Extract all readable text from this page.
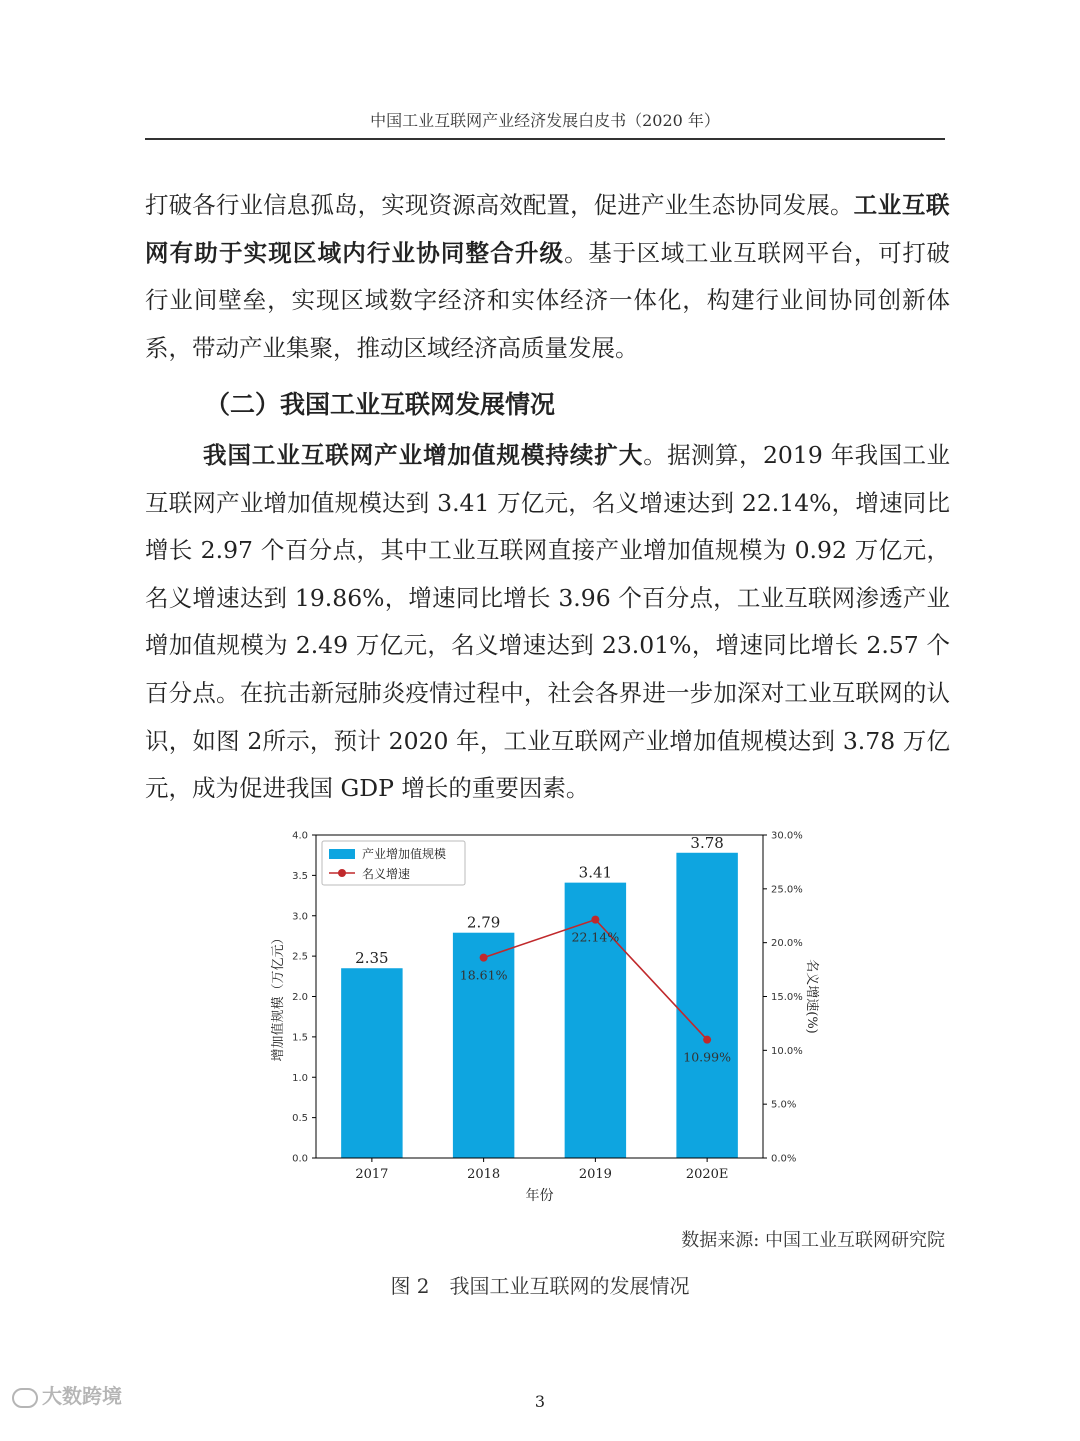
中国工业互联网产业经济发展白皮书（2020 年）

打破各行业信息孤岛，实现资源高效配置，促进产业生态协同发展。工业互联网有助于实现区域内行业协同整合升级。基于区域工业互联网平台，可打破行业间壁垒，实现区域数字经济和实体经济一体化，构建行业间协同创新体系，带动产业集聚，推动区域经济高质量发展。

（二）我国工业互联网发展情况

我国工业互联网产业增加值规模持续扩大。据测算，2019 年我国工业互联网产业增加值规模达到 3.41 万亿元，名义增速达到 22.14%，增速同比增长 2.97 个百分点，其中工业互联网直接产业增加值规模为 0.92 万亿元，名义增速达到 19.86%，增速同比增长 3.96 个百分点，工业互联网渗透产业增加值规模为 2.49 万亿元，名义增速达到 23.01%，增速同比增长 2.57 个百分点。在抗击新冠肺炎疫情过程中，社会各界进一步加深对工业互联网的认识，如图 2所示，预计 2020 年，工业互联网产业增加值规模达到 3.78 万亿元，成为促进我国 GDP 增长的重要因素。

2.35
2.79
3.41
3.78
18.61%
22.14%
10.99%
0.0
0.5
1.0
1.5
2.0
2.5
3.0
3.5
4.0
0.0%
5.0%
10.0%
15.0%
20.0%
25.0%
30.0%
2017	2018	2019	2020E
年份
增加值规模（万亿元）	名义增速(%)
产业增加值规模
名义增速
数据来源: 中国工业互联网研究院
图 2　我国工业互联网的发展情况
3
大数跨境
